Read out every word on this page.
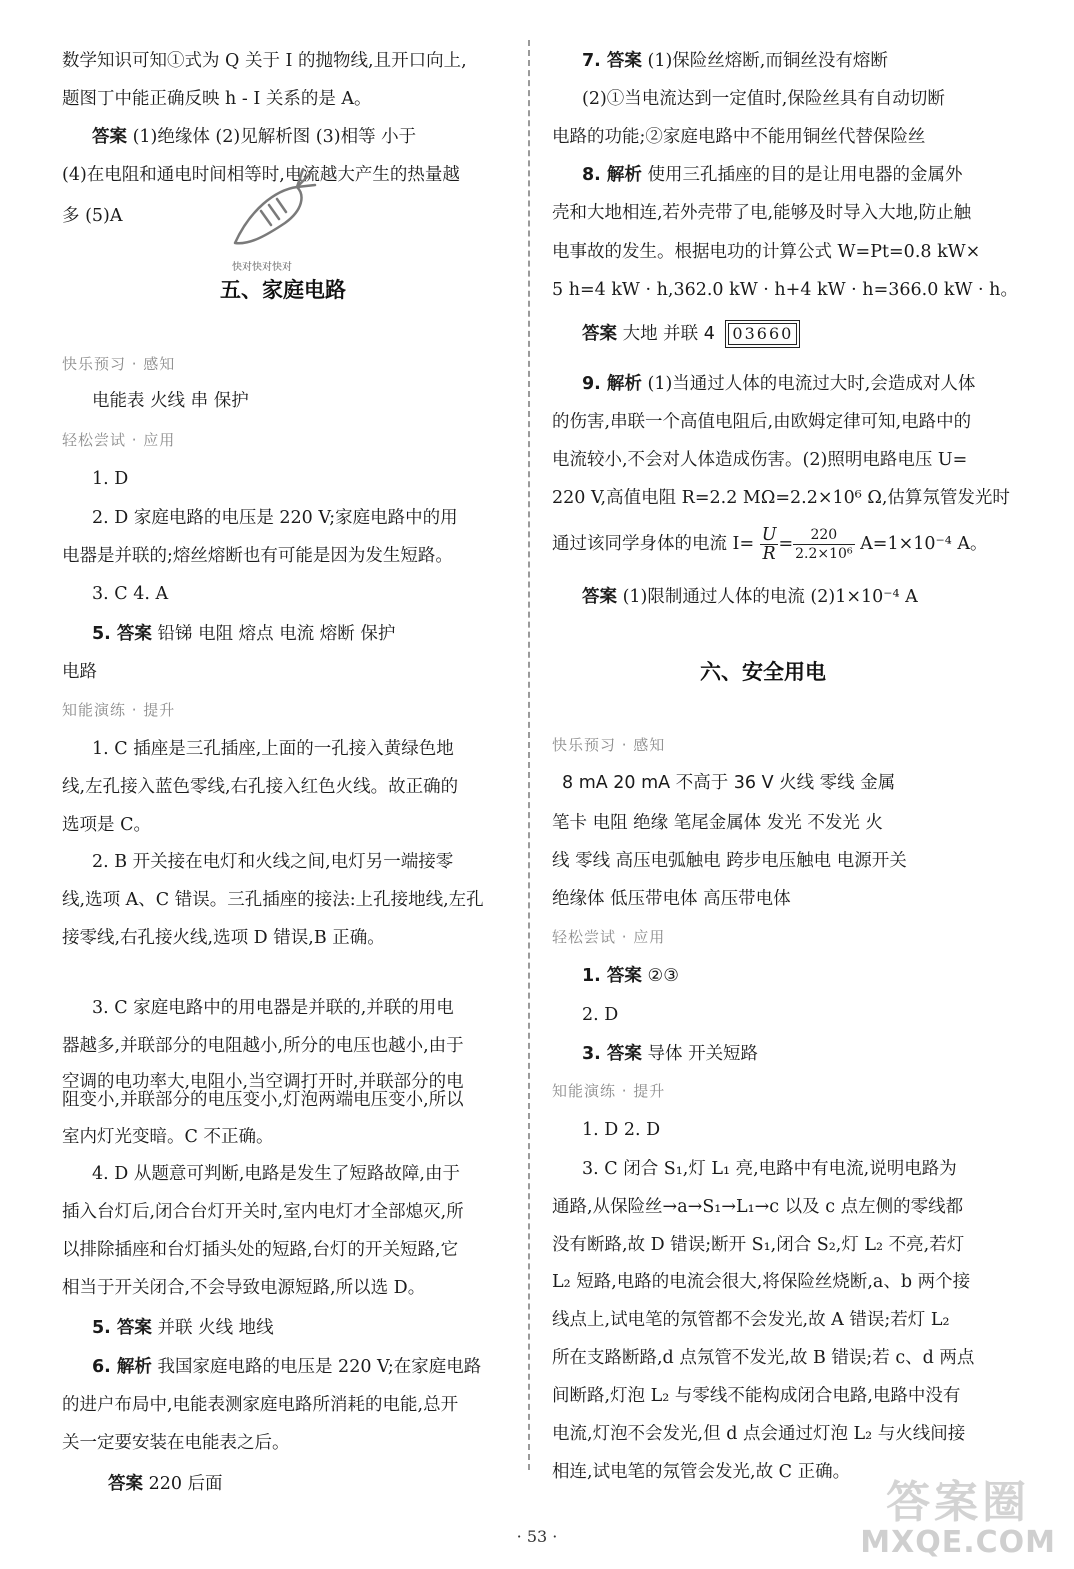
数学知识可知①式为 Q 关于 I 的抛物线,且开口向上,
题图丁中能正确反映 h - I 关系的是 A。
答案 (1)绝缘体 (2)见解析图 (3)相等 小于
(4)在电阻和通电时间相等时,电流越大产生的热量越
多 (5)A
五、家庭电路
快乐预习 · 感知
电能表 火线 串 保护
轻松尝试 · 应用
1. D
2. D 家庭电路的电压是 220 V;家庭电路中的用
电器是并联的;熔丝熔断也有可能是因为发生短路。
3. C 4. A
5. 答案 铅锑 电阻 熔点 电流 熔断 保护
电路
知能演练 · 提升
1. C 插座是三孔插座,上面的一孔接入黄绿色地
线,左孔接入蓝色零线,右孔接入红色火线。故正确的
选项是 C。
2. B 开关接在电灯和火线之间,电灯另一端接零
线,选项 A、C 错误。三孔插座的接法:上孔接地线,左孔
接零线,右孔接火线,选项 D 错误,B 正确。
3. C 家庭电路中的用电器是并联的,并联的用电
器越多,并联部分的电阻越小,所分的电压也越小,由于
空调的电功率大,电阻小,当空调打开时,并联部分的电
阻变小,并联部分的电压变小,灯泡两端电压变小,所以
室内灯光变暗。C 不正确。
4. D 从题意可判断,电路是发生了短路故障,由于
插入台灯后,闭合台灯开关时,室内电灯才全部熄灭,所
以排除插座和台灯插头处的短路,台灯的开关短路,它
相当于开关闭合,不会导致电源短路,所以选 D。
5. 答案 并联 火线 地线
6. 解析 我国家庭电路的电压是 220 V;在家庭电路
的进户布局中,电能表测家庭电路所消耗的电能,总开
关一定要安装在电能表之后。
答案 220 后面
7. 答案 (1)保险丝熔断,而铜丝没有熔断
(2)①当电流达到一定值时,保险丝具有自动切断
电路的功能;②家庭电路中不能用铜丝代替保险丝
8. 解析 使用三孔插座的目的是让用电器的金属外
壳和大地相连,若外壳带了电,能够及时导入大地,防止触
电事故的发生。根据电功的计算公式 W=Pt=0.8 kW×
5 h=4 kW · h,362.0 kW · h+4 kW · h=366.0 kW · h。
答案 大地 并联 4 03660
9. 解析 (1)当通过人体的电流过大时,会造成对人体
的伤害,串联一个高值电阻后,由欧姆定律可知,电路中的
电流较小,不会对人体造成伤害。(2)照明电路电压 U=
220 V,高值电阻 R=2.2 MΩ=2.2×10⁶ Ω,估算氖管发光时
通过该同学身体的电流 $I= \frac{U}{R} = \frac{220}{\text{2.2×10⁶}} A=1\times 10^{-4}$ A。
答案 (1)限制通过人体的电流 (2)1×10⁻⁴ A
六、安全用电
快乐预习 · 感知
8 mA 20 mA 不高于 36 V 火线 零线 金属
笔卡 电阻 绝缘 笔尾金属体 发光 不发光 火
线 零线 高压电弧触电 跨步电压触电 电源开关
绝缘体 低压带电体 高压带电体
轻松尝试 · 应用
1. 答案 ②③
2. D
3. 答案 导体 开关短路
知能演练 · 提升
1. D 2. D
3. C 闭合 S₁,灯 L₁ 亮,电路中有电流,说明电路为
通路,从保险丝→a→S₁→L₁→c 以及 c 点左侧的零线都
没有断路,故 D 错误;断开 S₁,闭合 S₂,灯 L₂ 不亮,若灯
L₂ 短路,电路的电流会很大,将保险丝烧断,a、b 两个接
线点上,试电笔的氖管都不会发光,故 A 错误;若灯 L₂
所在支路断路,d 点氖管不发光,故 B 错误;若 c、d 两点
间断路,灯泡 L₂ 与零线不能构成闭合电路,电路中没有
电流,灯泡不会发光,但 d 点会通过灯泡 L₂ 与火线间接
相连,试电笔的氖管会发光,故 C 正确。
快对快对快对
· 53 ·
答案圈
MXQE.COM
